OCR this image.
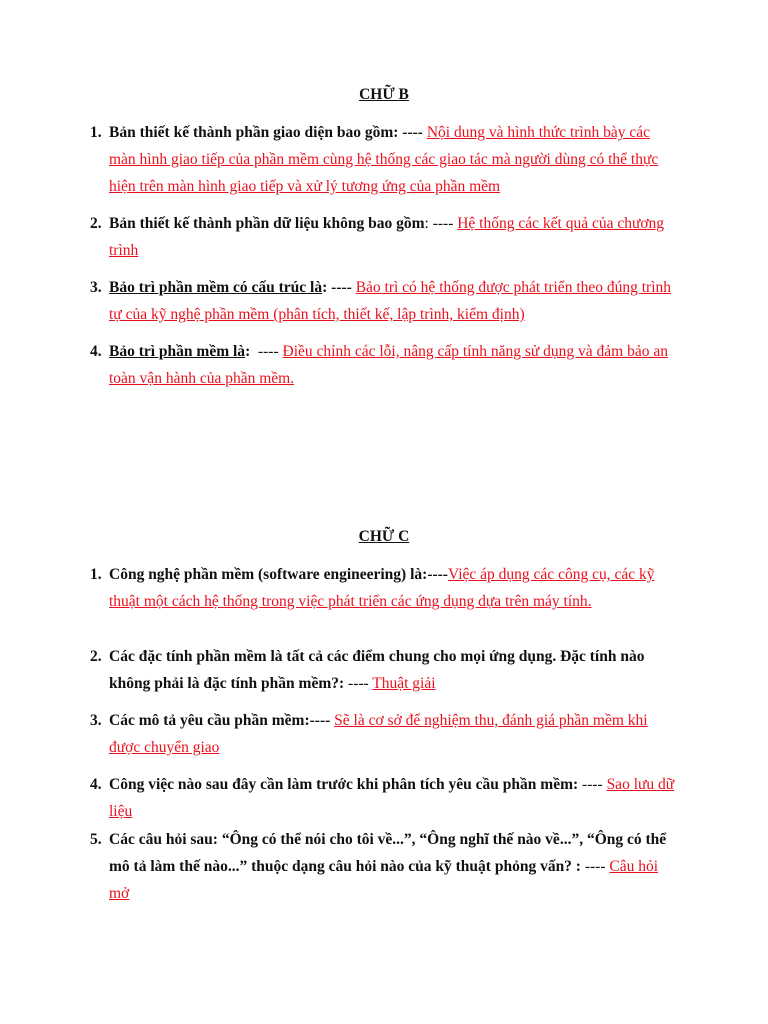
CHỮ B
1. Bản thiết kế thành phần giao diện bao gồm: ---- Nội dung và hình thức trình bày các màn hình giao tiếp của phần mềm cùng hệ thống các giao tác mà người dùng có thể thực hiện trên màn hình giao tiếp và xử lý tương ứng của phần mềm
2. Bản thiết kế thành phần dữ liệu không bao gồm: ---- Hệ thống các kết quả của chương trình
3. Bảo trì phần mềm có cấu trúc là: ---- Bảo trì có hệ thống được phát triển theo đúng trình tự của kỹ nghệ phần mềm (phân tích, thiết kế, lập trình, kiểm định)
4. Bảo trì phần mềm là:  ---- Điều chỉnh các lỗi, nâng cấp tính năng sử dụng và đảm bảo an toàn vận hành của phần mềm.
CHỮ C
1. Công nghệ phần mềm (software engineering) là:----Việc áp dụng các công cụ, các kỹ thuật một cách hệ thống trong việc phát triển các ứng dụng dựa trên máy tính.
2. Các đặc tính phần mềm là tất cả các điểm chung cho mọi ứng dụng. Đặc tính nào không phải là đặc tính phần mềm?: ---- Thuật giải
3. Các mô tả yêu cầu phần mềm:---- Sẽ là cơ sở để nghiệm thu, đánh giá phần mềm khi được chuyển giao
4. Công việc nào sau đây cần làm trước khi phân tích yêu cầu phần mềm: ---- Sao lưu dữ liệu
5. Các câu hỏi sau: “Ông có thể nói cho tôi về...”, “Ông nghĩ thế nào về...”, “Ông có thể mô tả làm thế nào...” thuộc dạng câu hỏi nào của kỹ thuật phỏng vấn? : ---- Câu hỏi mở
